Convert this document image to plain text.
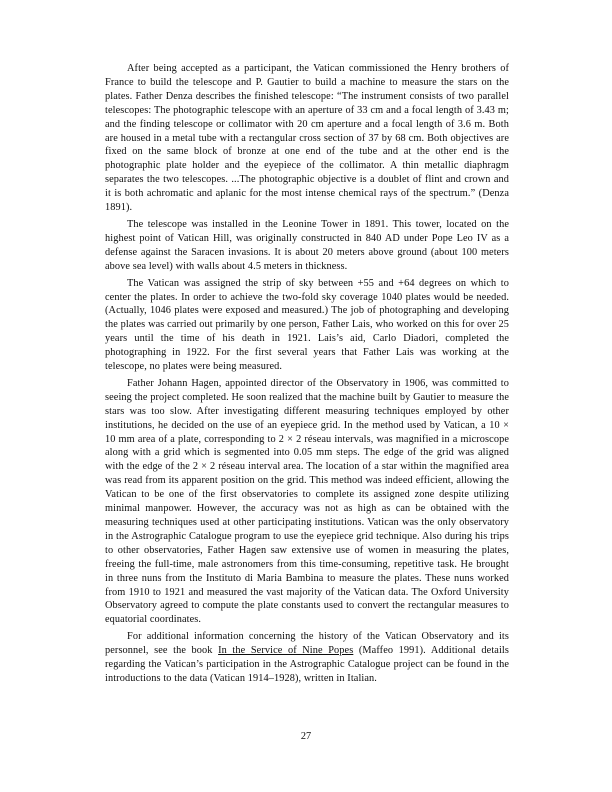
After being accepted as a participant, the Vatican commissioned the Henry brothers of France to build the telescope and P. Gautier to build a machine to measure the stars on the plates. Father Denza describes the finished telescope: “The instrument consists of two parallel telescopes: The photographic telescope with an aperture of 33 cm and a focal length of 3.43 m; and the finding telescope or collimator with 20 cm aperture and a focal length of 3.6 m. Both are housed in a metal tube with a rectangular cross section of 37 by 68 cm. Both objectives are fixed on the same block of bronze at one end of the tube and at the other end is the photographic plate holder and the eyepiece of the collimator. A thin metallic diaphragm separates the two telescopes. ...The photographic objective is a doublet of flint and crown and it is both achromatic and aplanic for the most intense chemical rays of the spectrum.” (Denza 1891).

The telescope was installed in the Leonine Tower in 1891. This tower, located on the highest point of Vatican Hill, was originally constructed in 840 AD under Pope Leo IV as a defense against the Saracen invasions. It is about 20 meters above ground (about 100 meters above sea level) with walls about 4.5 meters in thickness.

The Vatican was assigned the strip of sky between +55 and +64 degrees on which to center the plates. In order to achieve the two-fold sky coverage 1040 plates would be needed. (Actually, 1046 plates were exposed and measured.) The job of photographing and developing the plates was carried out primarily by one person, Father Lais, who worked on this for over 25 years until the time of his death in 1921. Lais’s aid, Carlo Diadori, completed the photographing in 1922. For the first several years that Father Lais was working at the telescope, no plates were being measured.

Father Johann Hagen, appointed director of the Observatory in 1906, was committed to seeing the project completed. He soon realized that the machine built by Gautier to measure the stars was too slow. After investigating different measuring techniques employed by other institutions, he decided on the use of an eyepiece grid. In the method used by Vatican, a 10 × 10 mm area of a plate, corresponding to 2 × 2 réseau intervals, was magnified in a microscope along with a grid which is segmented into 0.05 mm steps. The edge of the grid was aligned with the edge of the 2 × 2 réseau interval area. The location of a star within the magnified area was read from its apparent position on the grid. This method was indeed efficient, allowing the Vatican to be one of the first observatories to complete its assigned zone despite utilizing minimal manpower. However, the accuracy was not as high as can be obtained with the measuring techniques used at other participating institutions. Vatican was the only observatory in the Astrographic Catalogue program to use the eyepiece grid technique. Also during his trips to other observatories, Father Hagen saw extensive use of women in measuring the plates, freeing the full-time, male astronomers from this time-consuming, repetitive task. He brought in three nuns from the Instituto di Maria Bambina to measure the plates. These nuns worked from 1910 to 1921 and measured the vast majority of the Vatican data. The Oxford University Observatory agreed to compute the plate constants used to convert the rectangular measures to equatorial coordinates.

For additional information concerning the history of the Vatican Observatory and its personnel, see the book In the Service of Nine Popes (Maffeo 1991). Additional details regarding the Vatican’s participation in the Astrographic Catalogue project can be found in the introductions to the data (Vatican 1914–1928), written in Italian.

27
